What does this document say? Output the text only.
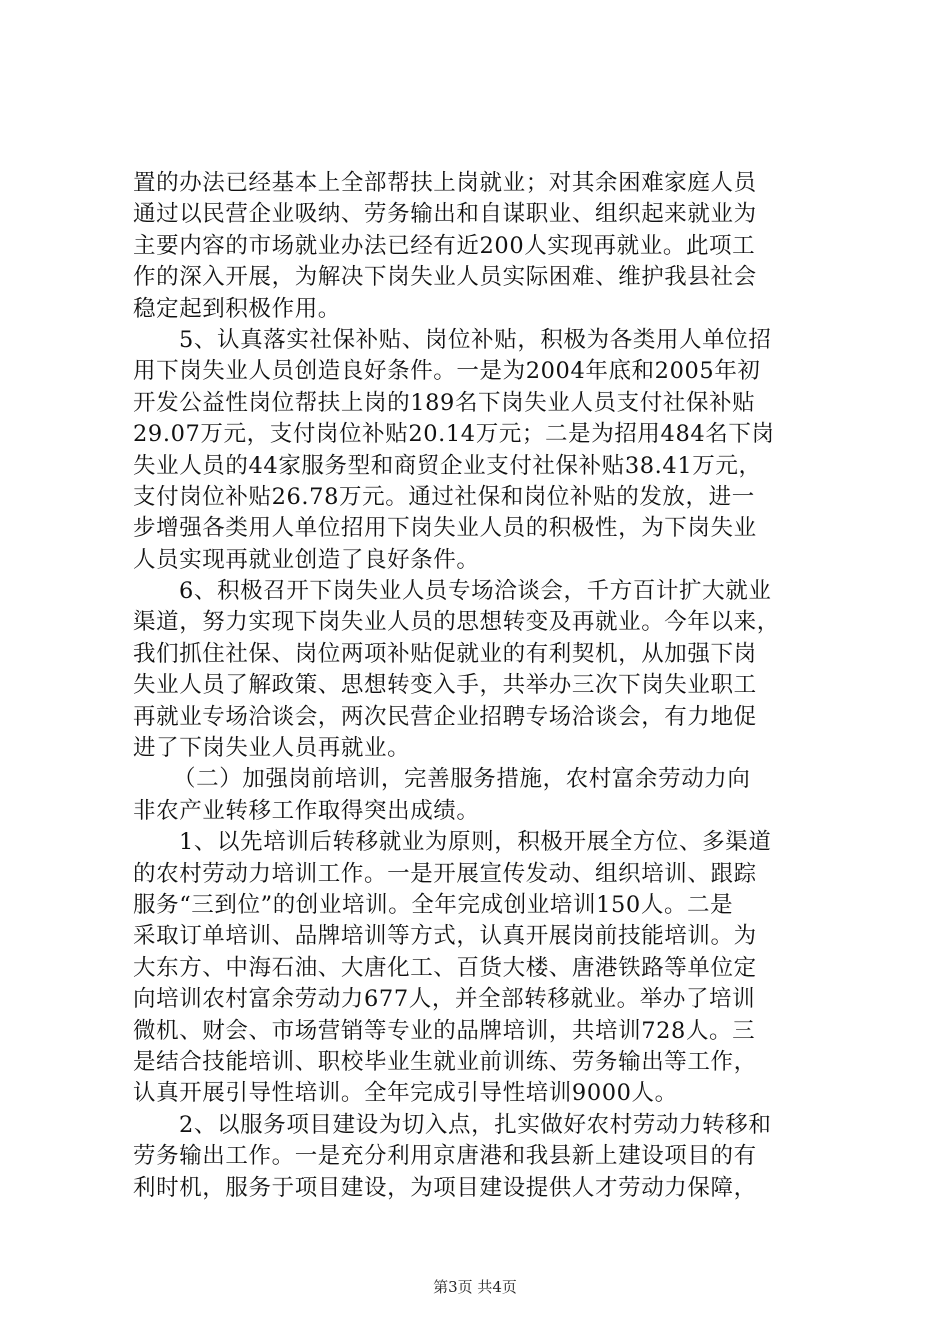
置的办法已经基本上全部帮扶上岗就业；对其余困难家庭人员
通过以民营企业吸纳、劳务输出和自谋职业、组织起来就业为
主要内容的市场就业办法已经有近200人实现再就业。此项工
作的深入开展，为解决下岗失业人员实际困难、维护我县社会
稳定起到积极作用。
5、认真落实社保补贴、岗位补贴，积极为各类用人单位招
用下岗失业人员创造良好条件。一是为2004年底和2005年初
开发公益性岗位帮扶上岗的189名下岗失业人员支付社保补贴
29.07万元，支付岗位补贴20.14万元；二是为招用484名下岗
失业人员的44家服务型和商贸企业支付社保补贴38.41万元，
支付岗位补贴26.78万元。通过社保和岗位补贴的发放，进一
步增强各类用人单位招用下岗失业人员的积极性，为下岗失业
人员实现再就业创造了良好条件。
6、积极召开下岗失业人员专场洽谈会，千方百计扩大就业
渠道，努力实现下岗失业人员的思想转变及再就业。今年以来，
我们抓住社保、岗位两项补贴促就业的有利契机，从加强下岗
失业人员了解政策、思想转变入手，共举办三次下岗失业职工
再就业专场洽谈会，两次民营企业招聘专场洽谈会，有力地促
进了下岗失业人员再就业。
（二）加强岗前培训，完善服务措施，农村富余劳动力向
非农产业转移工作取得突出成绩。
1、以先培训后转移就业为原则，积极开展全方位、多渠道
的农村劳动力培训工作。一是开展宣传发动、组织培训、跟踪
服务“三到位”的创业培训。全年完成创业培训150人。二是
采取订单培训、品牌培训等方式，认真开展岗前技能培训。为
大东方、中海石油、大唐化工、百货大楼、唐港铁路等单位定
向培训农村富余劳动力677人，并全部转移就业。举办了培训
微机、财会、市场营销等专业的品牌培训，共培训728人。三
是结合技能培训、职校毕业生就业前训练、劳务输出等工作，
认真开展引导性培训。全年完成引导性培训9000人。
2、以服务项目建设为切入点，扎实做好农村劳动力转移和
劳务输出工作。一是充分利用京唐港和我县新上建设项目的有
利时机，服务于项目建设，为项目建设提供人才劳动力保障，
第3页 共4页
